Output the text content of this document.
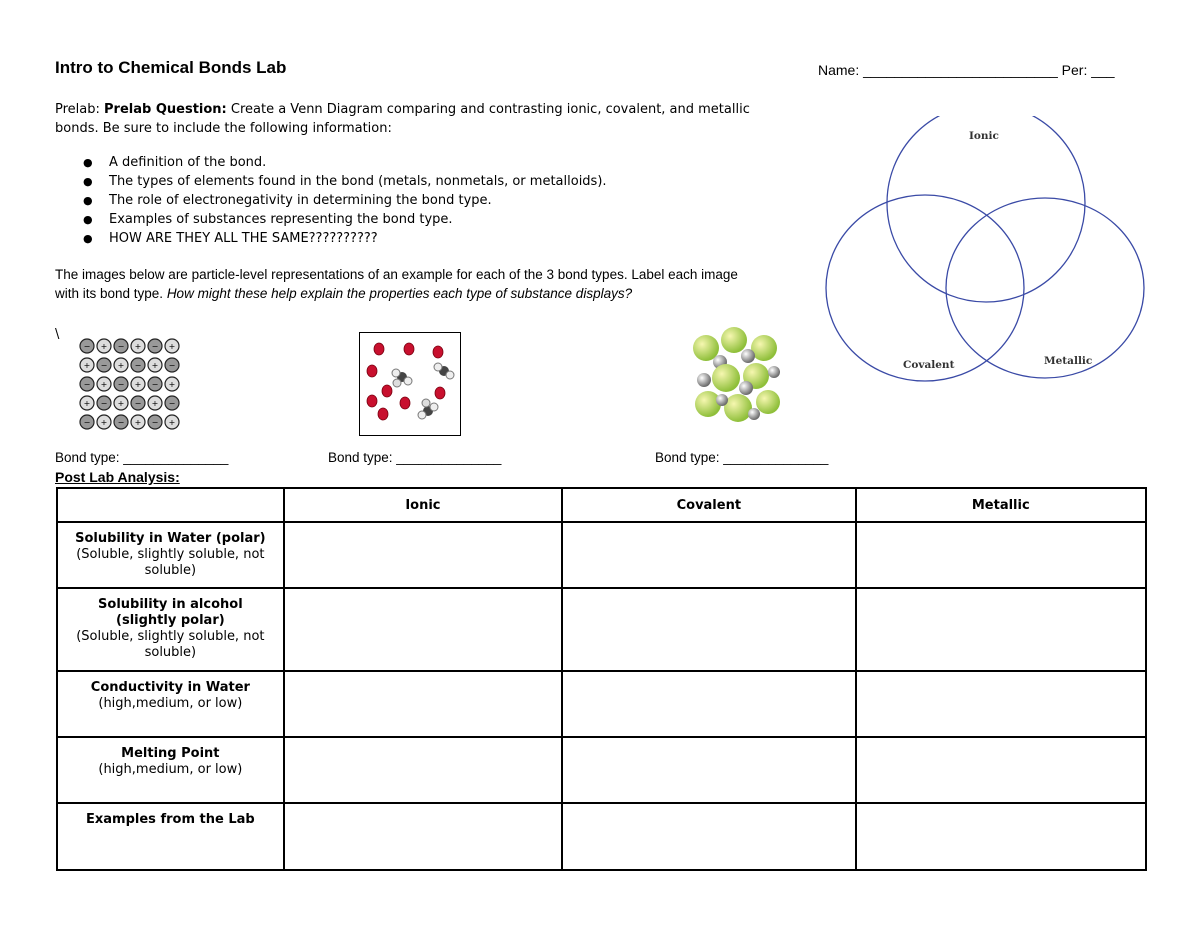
Intro to Chemical Bonds Lab	Name: _________________________ Per: ___
Prelab: Prelab Question: Create a Venn Diagram comparing and contrasting ionic, covalent, and metallic bonds. Be sure to include the following information:
● A definition of the bond.
● The types of elements found in the bond (metals, nonmetals, or metalloids).
● The role of electronegativity in determining the bond type.
● Examples of substances representing the bond type.
● HOW ARE THEY ALL THE SAME??????????
The images below are particle-level representations of an example for each of the 3 bond types. Label each image with its bond type. How might these help explain the properties each type of substance displays?
\
− + − + − +
+ − + − + −
− + − + − +
+ − + − + −
− + − + − +
Bond type: ______________	Bond type: ______________	Bond type: ______________
Ionic
Covalent	Metallic
Post Lab Analysis:
	Ionic	Covalent	Metallic

Solubility in Water (polar)
(Soluble, slightly soluble, not soluble)			

Solubility in alcohol (slightly polar)
(Soluble, slightly soluble, not soluble)			

Conductivity in Water
(high,medium, or low)			

Melting Point
(high,medium, or low)			

Examples from the Lab			
